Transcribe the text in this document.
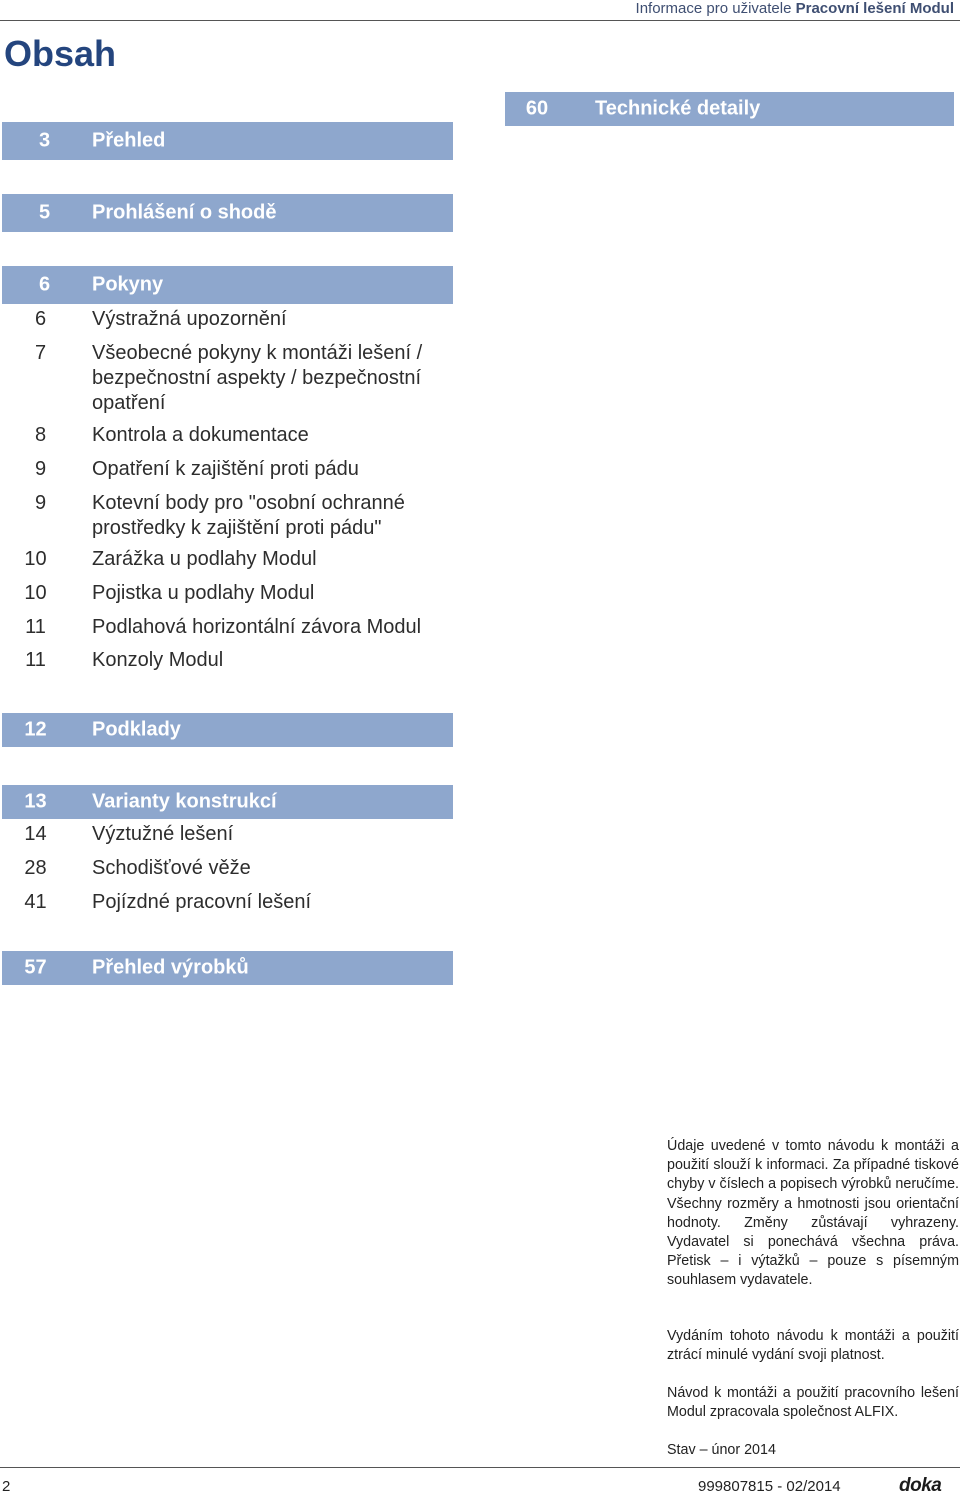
Informace pro uživatele Pracovní lešení Modul
Obsah
3	Přehled
5	Prohlášení o shodě
6	Pokyny
6	Výstražná upozornění
7	Všeobecné pokyny k montáži lešení / bezpečnostní aspekty / bezpečnostní opatření
8	Kontrola a dokumentace
9	Opatření k zajištění proti pádu
9	Kotevní body pro "osobní ochranné prostředky k zajištění proti pádu"
10	Zarážka u podlahy Modul
10	Pojistka u podlahy Modul
11	Podlahová horizontální závora Modul
11	Konzoly Modul
12	Podklady
13	Varianty konstrukcí
14	Výztužné lešení
28	Schodišťové věže
41	Pojízdné pracovní lešení
57	Přehled výrobků
60	Technické detaily
Údaje uvedené v tomto návodu k montáži a použití slouží k informaci. Za případné tiskové chyby v číslech a popisech výrobků neručíme. Všechny rozměry a hmotnosti jsou orientační hodnoty. Změny zůstávají vyhrazeny. Vydavatel si ponechává všechna práva. Přetisk – i výtažků – pouze s písemným souhlasem vydavatele.
Vydáním tohoto návodu k montáži a použití ztrácí minulé vydání svoji platnost.
Návod k montáži a použití pracovního lešení Modul zpracovala společnost ALFIX.
Stav – únor 2014
2	999807815 - 02/2014	doka
